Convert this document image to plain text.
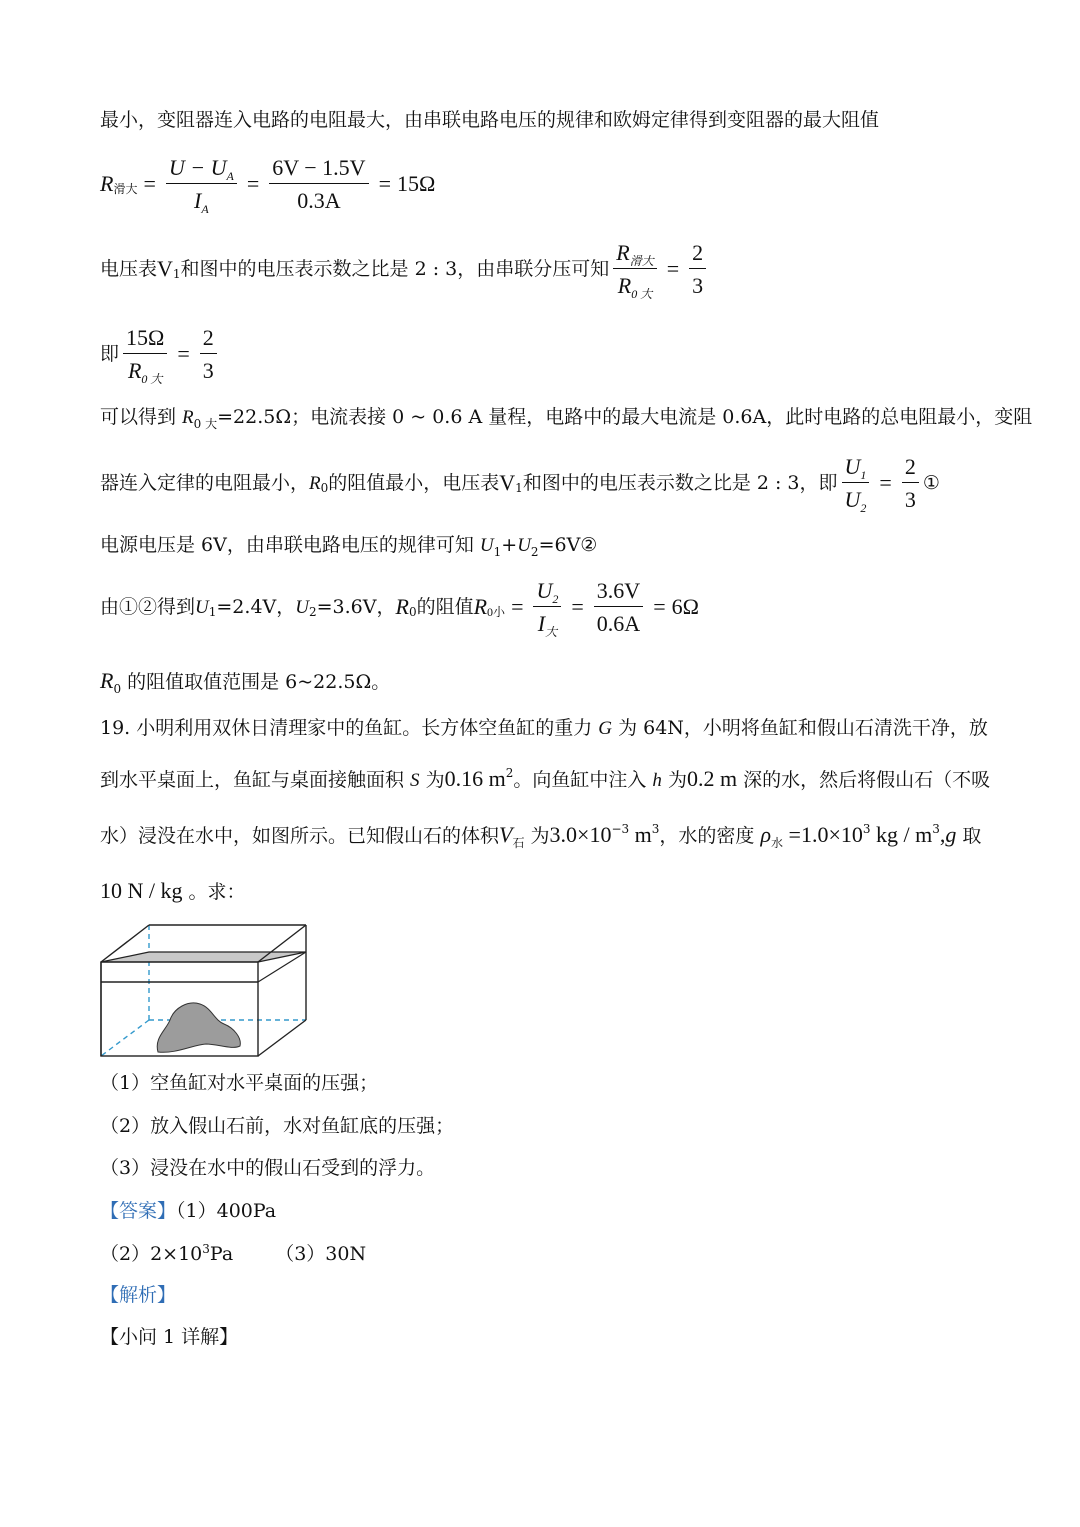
最小，变阻器连入电路的电阻最大，由串联电路电压的规律和欧姆定律得到变阻器的最大阻值
R 滑大 = $\frac{U - U_A}{I_A} = \frac{6V - 1.5V}{0.3A} = 15\Omega$
电压表 V 1 和图中的电压表示数之比是 2 : 3，由串联分压可知 $\frac{R_{滑大}}{R_{0 大}} = \frac{2}{3}$
即 $\frac{15\Omega}{R_{0 大}} = \frac{2}{3}$
可以得到 $R_{0 大}=22.5\Omega$；电流表接 0 ~ 0.6 A 量程，电路中的最大电流是 0.6A，此时电路的总电阻最小，变阻
器连入定律的电阻最小， R 0 的阻值最小，电压表 V 1 和图中的电压表示数之比是 2 : 3，即 $\frac{U_1}{U_2} = \frac{2}{3}$ ①
电源电压是 6V，由串联电路电压的规律可知 $U_1+U_2=6V②$
由①②得到 U 1 =2.4V， U 2 =3.6V， R 0 的阻值 R 0小 = $\frac{U_2}{I_大} = \frac{3.6V}{0.6A} = 6\Omega$
$R_0$ 的阻值取值范围是 6~22.5Ω。
19. 小明利用双休日清理家中的鱼缸。长方体空鱼缸的重力 G 为 64N，小明将鱼缸和假山石清洗干净，放
到水平桌面上，鱼缸与桌面接触面积 S 为0.16 $m^2$。向鱼缸中注入 h 为0.2 m 深的水，然后将假山石（不吸
水）浸没在水中，如图所示。已知假山石的体积$V_石$ 为$3.0\times 10^{-3}$ $m^3$，水的密度 $\rho_水 =1.0\times 10^3$ kg / $m^3,g$ 取
10 N / kg 。求：
（1）空鱼缸对水平桌面的压强；
（2）放入假山石前，水对鱼缸底的压强；
（3）浸没在水中的假山石受到的浮力。
【答案】（1）400Pa
$(2)2\times 10^3Pa$ （3）30N
【解析】
【小问 1 详解】
